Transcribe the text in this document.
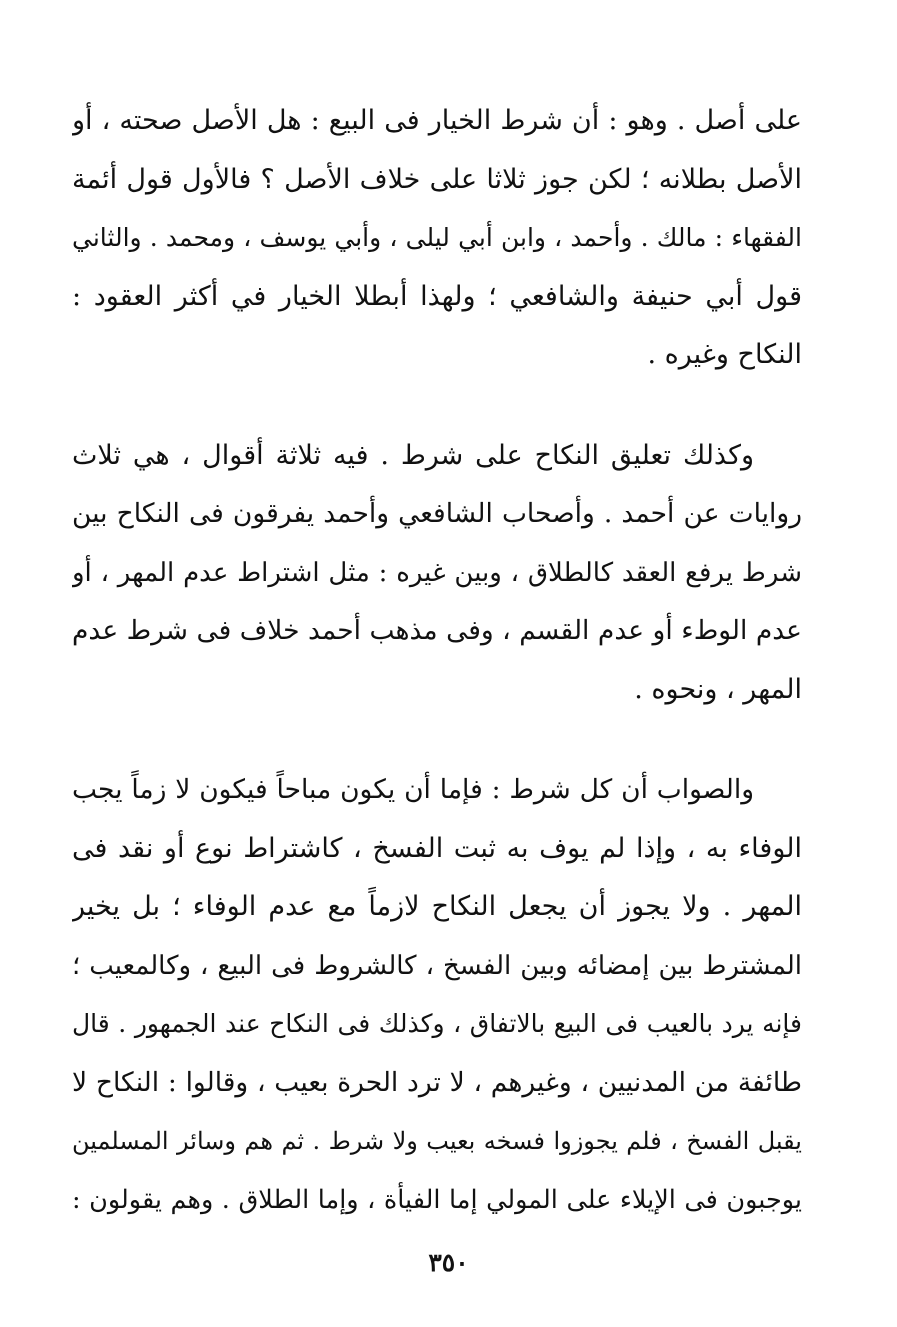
على أصل . وهو : أن شرط الخيار فى البيع : هل الأصل صحته ، أو
الأصل بطلانه ؛ لكن جوز ثلاثا على خلاف الأصل ؟ فالأول قول أئمة
الفقهاء : مالك . وأحمد ، وابن أبي ليلى ، وأبي يوسف ، ومحمد . والثاني
قول أبي حنيفة والشافعي ؛ ولهذا أبطلا الخيار في أكثر العقود :
النكاح وغيره .
وكذلك تعليق النكاح على شرط . فيه ثلاثة أقوال ، هي ثلاث
روايات عن أحمد . وأصحاب الشافعي وأحمد يفرقون فى النكاح بين
شرط يرفع العقد كالطلاق ، وبين غيره : مثل اشتراط عدم المهر ، أو
عدم الوطء أو عدم القسم ، وفى مذهب أحمد خلاف فى شرط عدم
المهر ، ونحوه .
والصواب أن كل شرط : فإما أن يكون مباحاً فيكون لا زماً يجب
الوفاء به ، وإذا لم يوف به ثبت الفسخ ، كاشتراط نوع أو نقد فى
المهر . ولا يجوز أن يجعل النكاح لازماً مع عدم الوفاء ؛ بل يخير
المشترط بين إمضائه وبين الفسخ ، كالشروط فى البيع ، وكالمعيب ؛
فإنه يرد بالعيب فى البيع بالاتفاق ، وكذلك فى النكاح عند الجمهور . قال
طائفة من المدنيين ، وغيرهم ، لا ترد الحرة بعيب ، وقالوا : النكاح لا
يقبل الفسخ ، فلم يجوزوا فسخه بعيب ولا شرط . ثم هم وسائر المسلمين
يوجبون فى الإيلاء على المولي إما الفيأة ، وإما الطلاق . وهم يقولون :
٣٥٠
